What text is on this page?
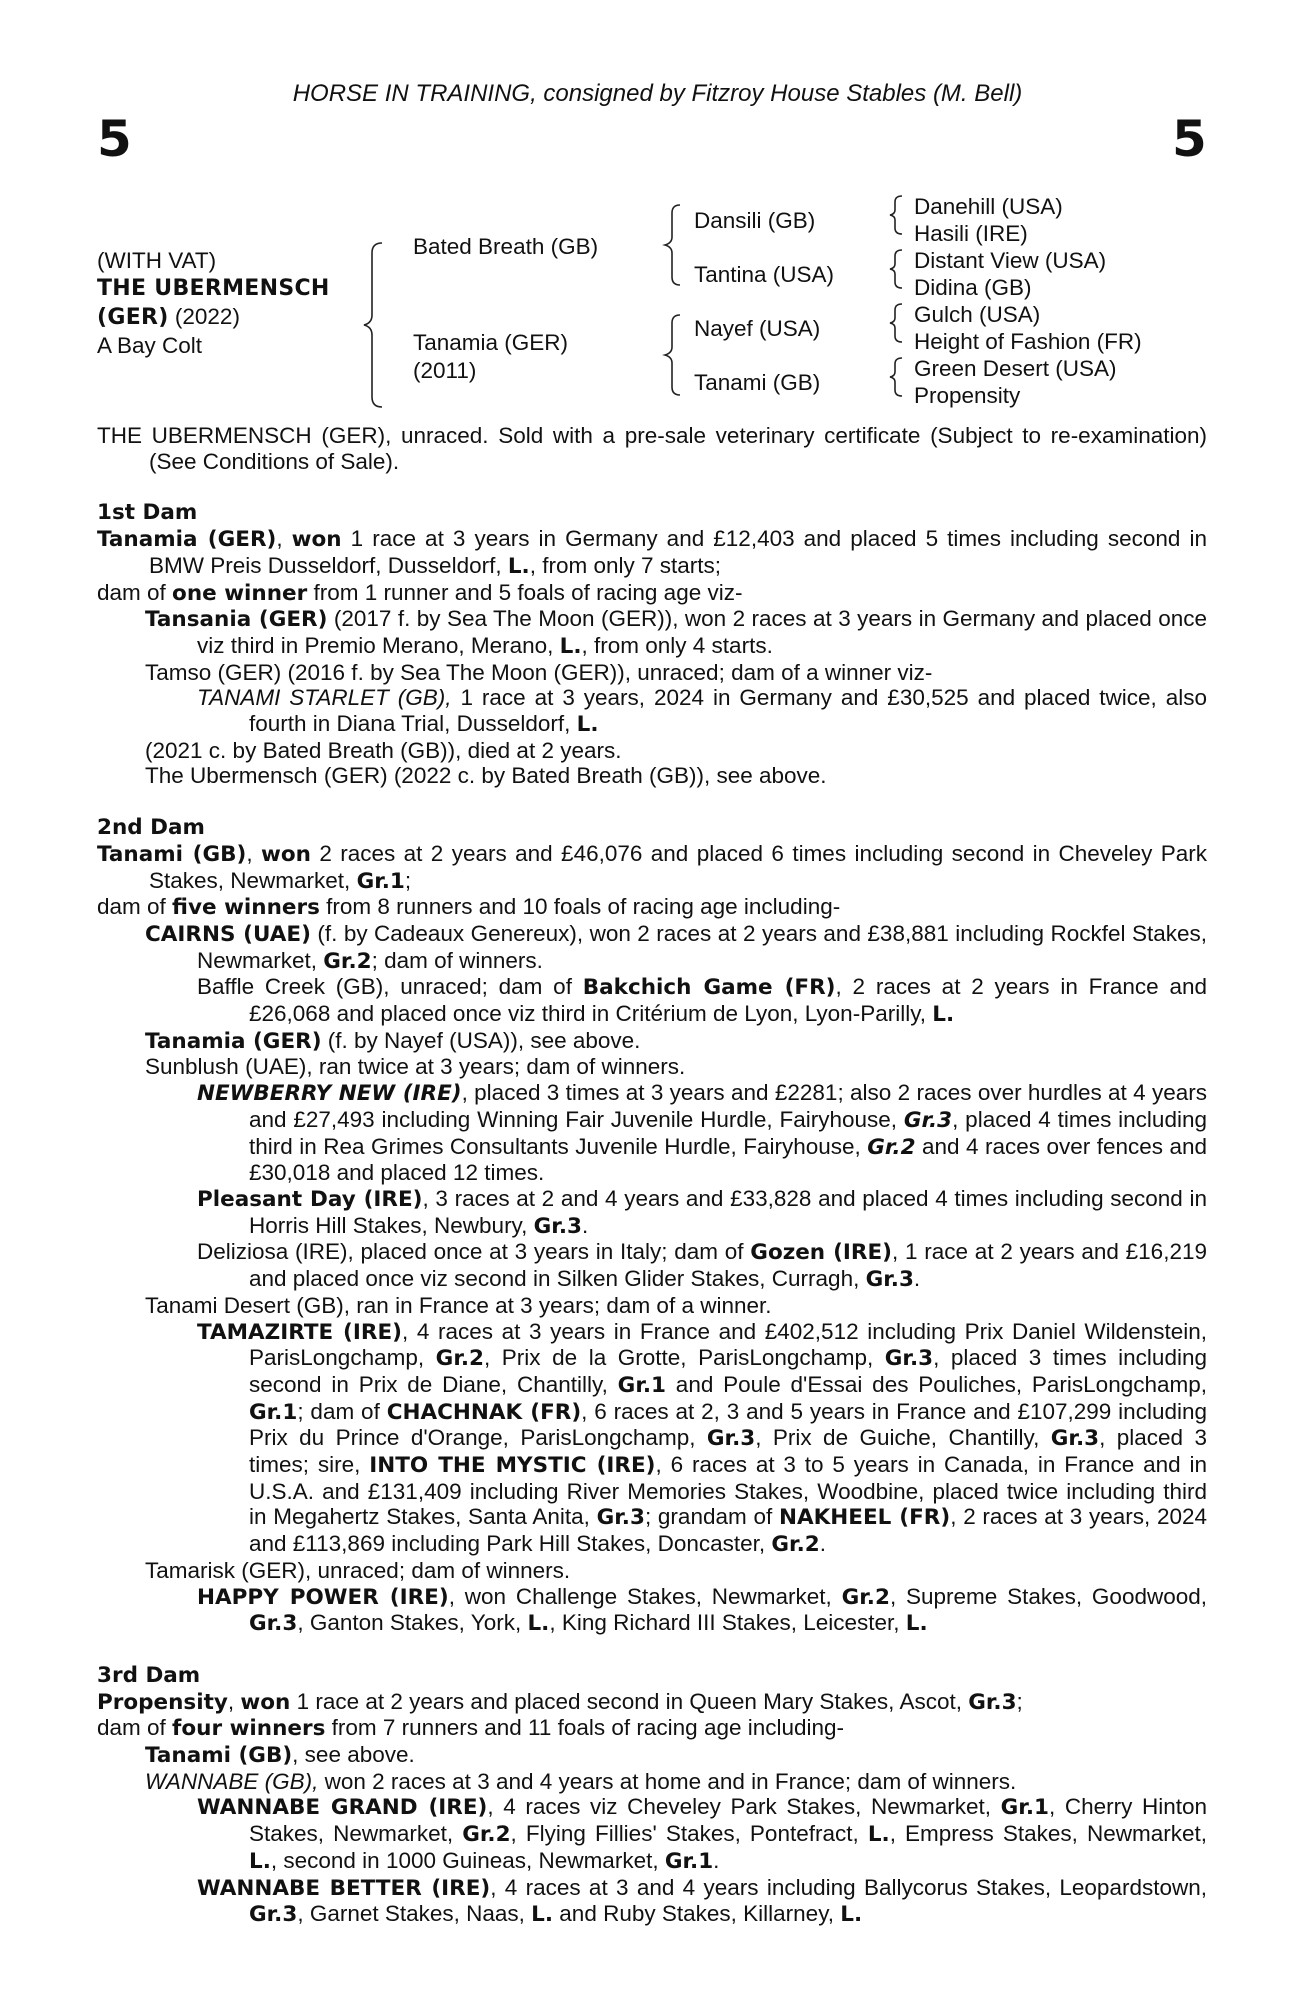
HORSE IN TRAINING, consigned by Fitzroy House Stables (M. Bell)
5	5
(WITH VAT)
THE UBERMENSCH
(GER) (2022)
A Bay Colt
Bated Breath (GB)
Tanamia (GER)
(2011)
Dansili (GB)
Tantina (USA)
Nayef (USA)
Tanami (GB)
Danehill (USA)
Hasili (IRE)
Distant View (USA)
Didina (GB)
Gulch (USA)
Height of Fashion (FR)
Green Desert (USA)
Propensity

THE UBERMENSCH (GER), unraced. Sold with a pre-sale veterinary certificate (Subject to re-examination) (See Conditions of Sale).

1st Dam

Tanamia (GER), won 1 race at 3 years in Germany and £12,403 and placed 5 times including second in BMW Preis Dusseldorf, Dusseldorf, L., from only 7 starts;

dam of one winner from 1 runner and 5 foals of racing age viz-

Tansania (GER) (2017 f. by Sea The Moon (GER)), won 2 races at 3 years in Germany and placed once viz third in Premio Merano, Merano, L., from only 4 starts.

Tamso (GER) (2016 f. by Sea The Moon (GER)), unraced; dam of a winner viz-

TANAMI STARLET (GB), 1 race at 3 years, 2024 in Germany and £30,525 and placed twice, also fourth in Diana Trial, Dusseldorf, L.

(2021 c. by Bated Breath (GB)), died at 2 years.

The Ubermensch (GER) (2022 c. by Bated Breath (GB)), see above.

2nd Dam

Tanami (GB), won 2 races at 2 years and £46,076 and placed 6 times including second in Cheveley Park Stakes, Newmarket, Gr.1;

dam of five winners from 8 runners and 10 foals of racing age including-

CAIRNS (UAE) (f. by Cadeaux Genereux), won 2 races at 2 years and £38,881 including Rockfel Stakes, Newmarket, Gr.2; dam of winners.

Baffle Creek (GB), unraced; dam of Bakchich Game (FR), 2 races at 2 years in France and £26,068 and placed once viz third in Critérium de Lyon, Lyon-Parilly, L.

Tanamia (GER) (f. by Nayef (USA)), see above.

Sunblush (UAE), ran twice at 3 years; dam of winners.

NEWBERRY NEW (IRE), placed 3 times at 3 years and £2281; also 2 races over hurdles at 4 years and £27,493 including Winning Fair Juvenile Hurdle, Fairyhouse, Gr.3, placed 4 times including third in Rea Grimes Consultants Juvenile Hurdle, Fairyhouse, Gr.2 and 4 races over fences and £30,018 and placed 12 times.

Pleasant Day (IRE), 3 races at 2 and 4 years and £33,828 and placed 4 times including second in Horris Hill Stakes, Newbury, Gr.3.

Deliziosa (IRE), placed once at 3 years in Italy; dam of Gozen (IRE), 1 race at 2 years and £16,219 and placed once viz second in Silken Glider Stakes, Curragh, Gr.3.

Tanami Desert (GB), ran in France at 3 years; dam of a winner.

TAMAZIRTE (IRE), 4 races at 3 years in France and £402,512 including Prix Daniel Wildenstein, ParisLongchamp, Gr.2, Prix de la Grotte, ParisLongchamp, Gr.3, placed 3 times including second in Prix de Diane, Chantilly, Gr.1 and Poule d'Essai des Pouliches, ParisLongchamp, Gr.1; dam of CHACHNAK (FR), 6 races at 2, 3 and 5 years in France and £107,299 including Prix du Prince d'Orange, ParisLongchamp, Gr.3, Prix de Guiche, Chantilly, Gr.3, placed 3 times; sire, INTO THE MYSTIC (IRE), 6 races at 3 to 5 years in Canada, in France and in U.S.A. and £131,409 including River Memories Stakes, Woodbine, placed twice including third in Megahertz Stakes, Santa Anita, Gr.3; grandam of NAKHEEL (FR), 2 races at 3 years, 2024 and £113,869 including Park Hill Stakes, Doncaster, Gr.2.

Tamarisk (GER), unraced; dam of winners.

HAPPY POWER (IRE), won Challenge Stakes, Newmarket, Gr.2, Supreme Stakes, Goodwood, Gr.3, Ganton Stakes, York, L., King Richard III Stakes, Leicester, L.

3rd Dam

Propensity, won 1 race at 2 years and placed second in Queen Mary Stakes, Ascot, Gr.3;

dam of four winners from 7 runners and 11 foals of racing age including-

Tanami (GB), see above.

WANNABE (GB), won 2 races at 3 and 4 years at home and in France; dam of winners.

WANNABE GRAND (IRE), 4 races viz Cheveley Park Stakes, Newmarket, Gr.1, Cherry Hinton Stakes, Newmarket, Gr.2, Flying Fillies' Stakes, Pontefract, L., Empress Stakes, Newmarket, L., second in 1000 Guineas, Newmarket, Gr.1.

WANNABE BETTER (IRE), 4 races at 3 and 4 years including Ballycorus Stakes, Leopardstown, Gr.3, Garnet Stakes, Naas, L. and Ruby Stakes, Killarney, L.
